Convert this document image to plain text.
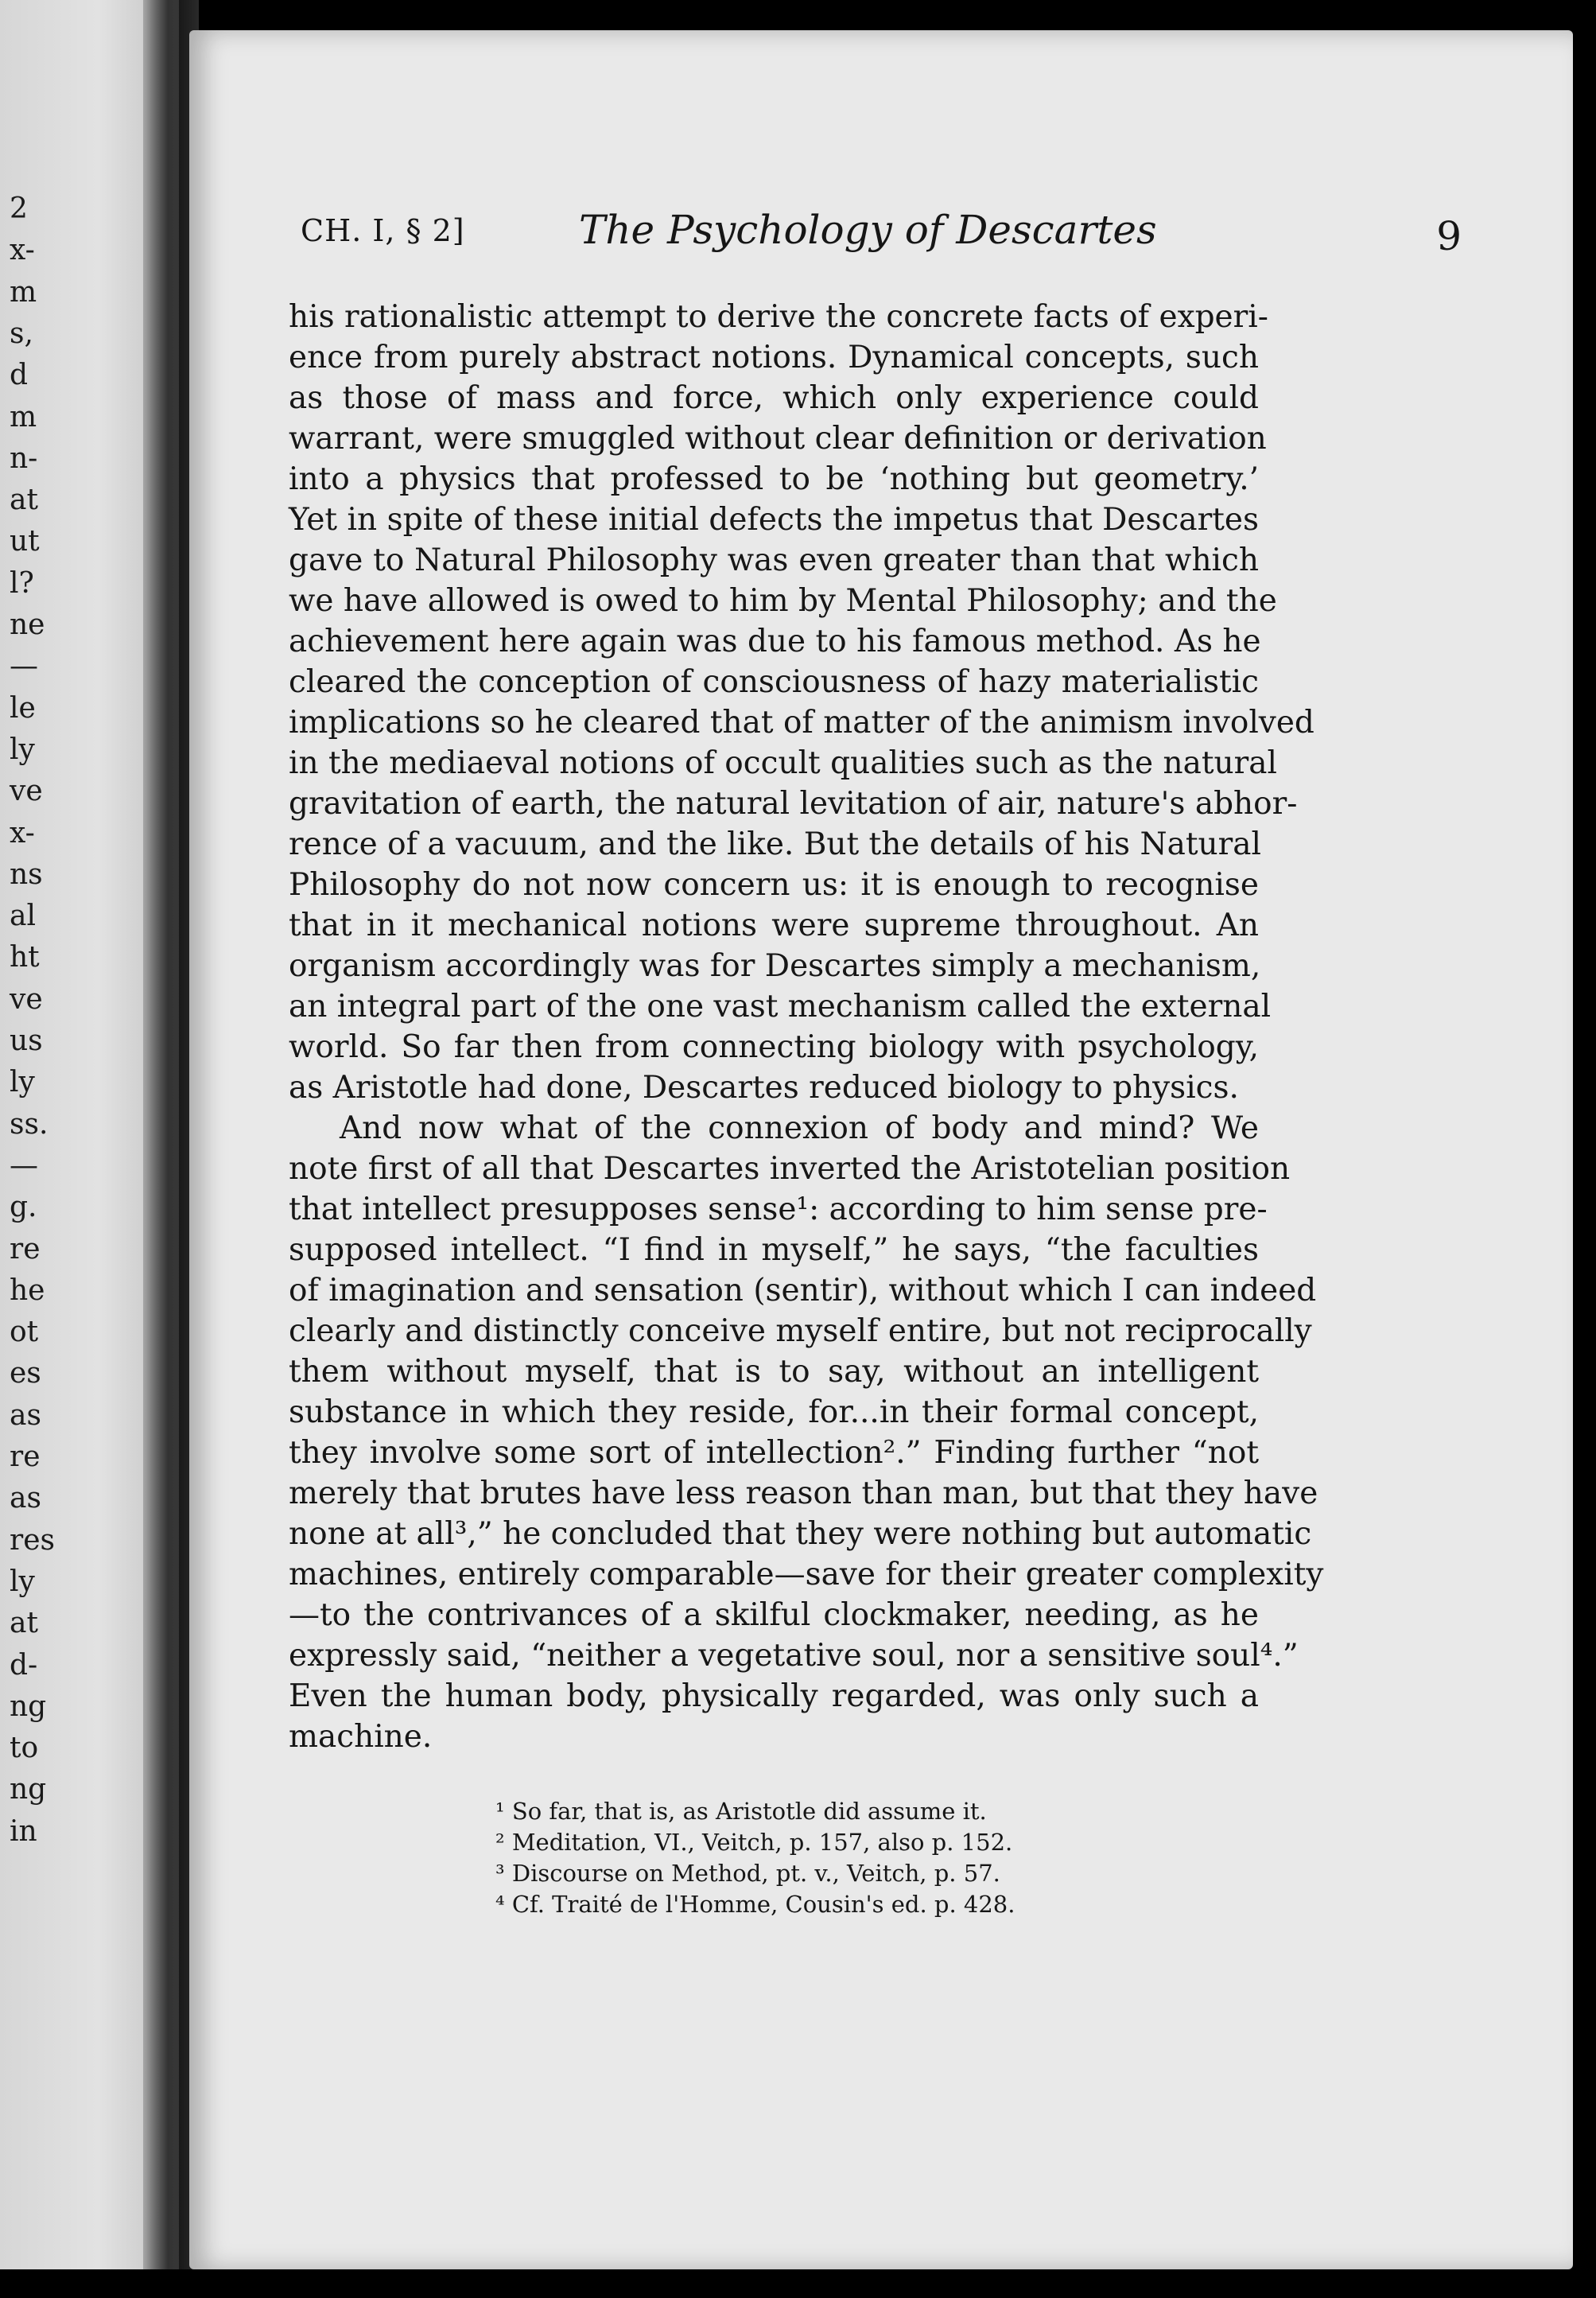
2
x-
m
s,
d
m
n-
at
ut
l?
ne
—
le
ly
ve
x-
ns
al
ht
ve
us
ly
ss.
—
g.
re
he
ot
es
as
re
as
res
ly
at
d-
ng
to
ng
in
CH. I, § 2]	The Psychology of Descartes	9
his rationalistic attempt to derive the concrete facts of experi-
ence from purely abstract notions. Dynamical concepts, such
as those of mass and force, which only experience could
warrant, were smuggled without clear definition or derivation
into a physics that professed to be ‘nothing but geometry.’
Yet in spite of these initial defects the impetus that Descartes
gave to Natural Philosophy was even greater than that which
we have allowed is owed to him by Mental Philosophy; and the
achievement here again was due to his famous method. As he
cleared the conception of consciousness of hazy materialistic
implications so he cleared that of matter of the animism involved
in the mediaeval notions of occult qualities such as the natural
gravitation of earth, the natural levitation of air, nature's abhor-
rence of a vacuum, and the like. But the details of his Natural
Philosophy do not now concern us: it is enough to recognise
that in it mechanical notions were supreme throughout. An
organism accordingly was for Descartes simply a mechanism,
an integral part of the one vast mechanism called the external
world. So far then from connecting biology with psychology,
as Aristotle had done, Descartes reduced biology to physics.
And now what of the connexion of body and mind? We
note first of all that Descartes inverted the Aristotelian position
that intellect presupposes sense¹: according to him sense pre-
supposed intellect. “I find in myself,” he says, “the faculties
of imagination and sensation (sentir), without which I can indeed
clearly and distinctly conceive myself entire, but not reciprocally
them without myself, that is to say, without an intelligent
substance in which they reside, for...in their formal concept,
they involve some sort of intellection².” Finding further “not
merely that brutes have less reason than man, but that they have
none at all³,” he concluded that they were nothing but automatic
machines, entirely comparable—save for their greater complexity
—to the contrivances of a skilful clockmaker, needing, as he
expressly said, “neither a vegetative soul, nor a sensitive soul⁴.”
Even the human body, physically regarded, was only such a
machine.
¹ So far, that is, as Aristotle did assume it.
² Meditation, VI., Veitch, p. 157, also p. 152.
³ Discourse on Method, pt. v., Veitch, p. 57.
⁴ Cf. Traité de l'Homme, Cousin's ed. p. 428.
